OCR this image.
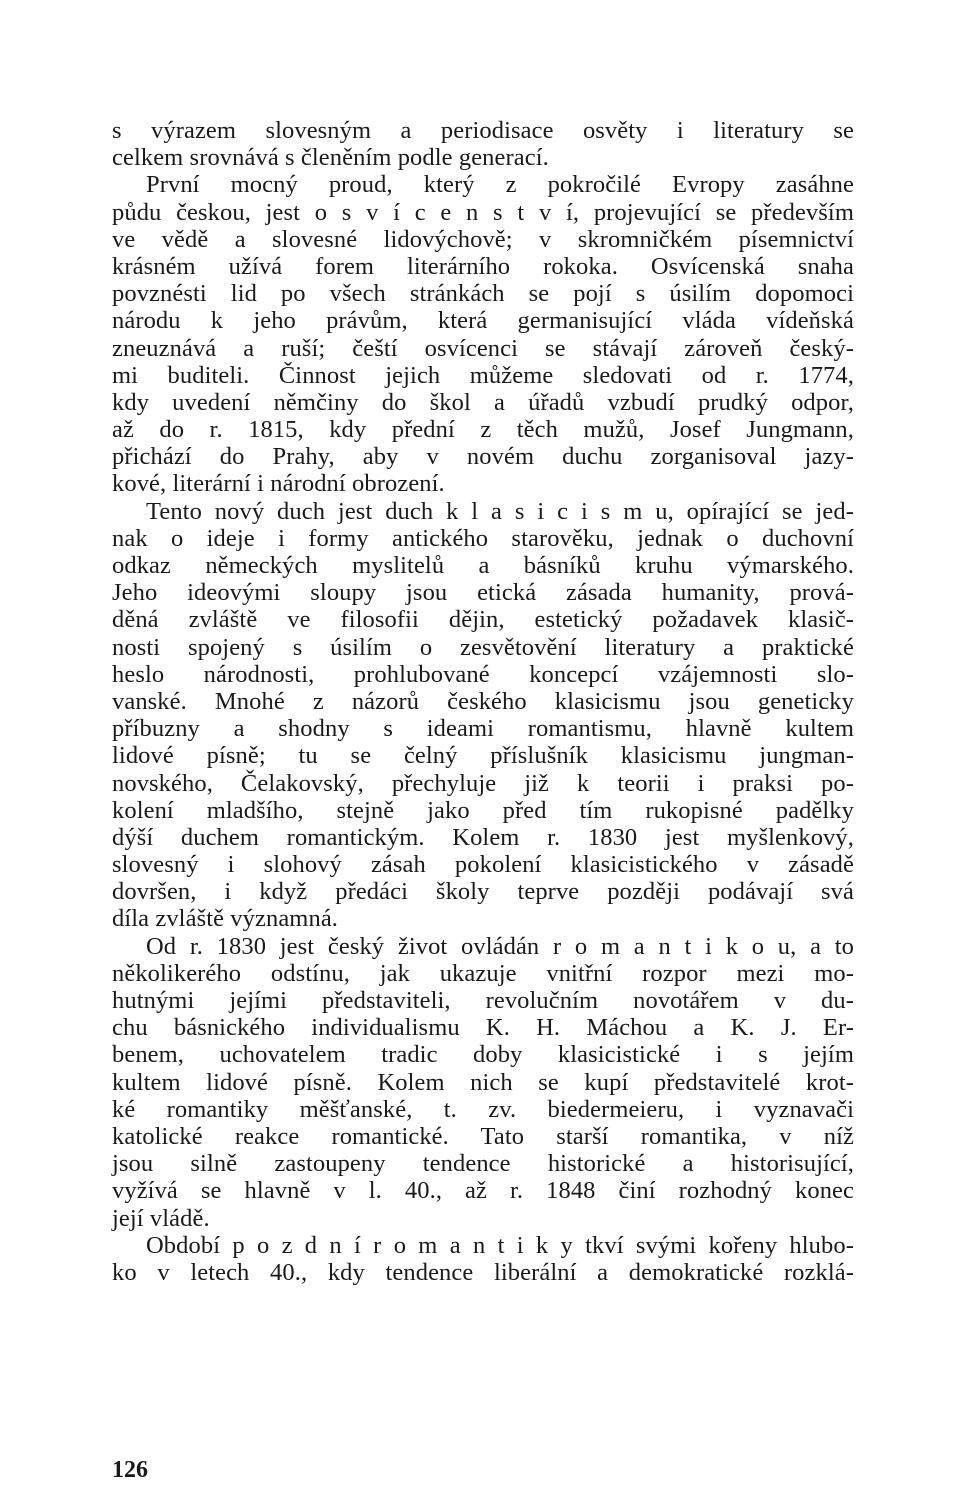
s výrazem slovesným a periodisace osvěty i literatury se
celkem srovnává s členěním podle generací.
První mocný proud, který z pokročilé Evropy zasáhne
půdu českou, jest o s v í c e n s t v í, projevující se především
ve vědě a slovesné lidovýchově; v skromničkém písemnictví
krásném užívá forem literárního rokoka. Osvícenská snaha
povznésti lid po všech stránkách se pojí s úsilím dopomoci
národu k jeho právům, která germanisující vláda vídeňská
zneuznává a ruší; čeští osvícenci se stávají zároveň český-
mi buditeli. Činnost jejich můžeme sledovati od r. 1774,
kdy uvedení němčiny do škol a úřadů vzbudí prudký odpor,
až do r. 1815, kdy přední z těch mužů, Josef Jungmann,
přichází do Prahy, aby v novém duchu zorganisoval jazy-
kové, literární i národní obrození.
Tento nový duch jest duch k l a s i c i s m u, opírající se jed-
nak o ideje i formy antického starověku, jednak o duchovní
odkaz německých myslitelů a básníků kruhu výmarského.
Jeho ideovými sloupy jsou etická zásada humanity, prová-
děná zvláště ve filosofii dějin, estetický požadavek klasič-
nosti spojený s úsilím o zesvětovění literatury a praktické
heslo národnosti, prohlubované koncepcí vzájemnosti slo-
vanské. Mnohé z názorů českého klasicismu jsou geneticky
příbuzny a shodny s ideami romantismu, hlavně kultem
lidové písně; tu se čelný příslušník klasicismu jungman-
novského, Čelakovský, přechyluje již k teorii i praksi po-
kolení mladšího, stejně jako před tím rukopisné padělky
dýší duchem romantickým. Kolem r. 1830 jest myšlenkový,
slovesný i slohový zásah pokolení klasicistického v zásadě
dovršen, i když předáci školy teprve později podávají svá
díla zvláště významná.
Od r. 1830 jest český život ovládán r o m a n t i k o u, a to
několikerého odstínu, jak ukazuje vnitřní rozpor mezi mo-
hutnými jejími představiteli, revolučním novotářem v du-
chu básnického individualismu K. H. Máchou a K. J. Er-
benem, uchovatelem tradic doby klasicistické i s jejím
kultem lidové písně. Kolem nich se kupí představitelé krot-
ké romantiky měšťanské, t. zv. biedermeieru, i vyznavači
katolické reakce romantické. Tato starší romantika, v níž
jsou silně zastoupeny tendence historické a historisující,
vyžívá se hlavně v l. 40., až r. 1848 činí rozhodný konec
její vládě.
Období p o z d n í r o m a n t i k y tkví svými kořeny hlubo-
ko v letech 40., kdy tendence liberální a demokratické rozklá-
126
